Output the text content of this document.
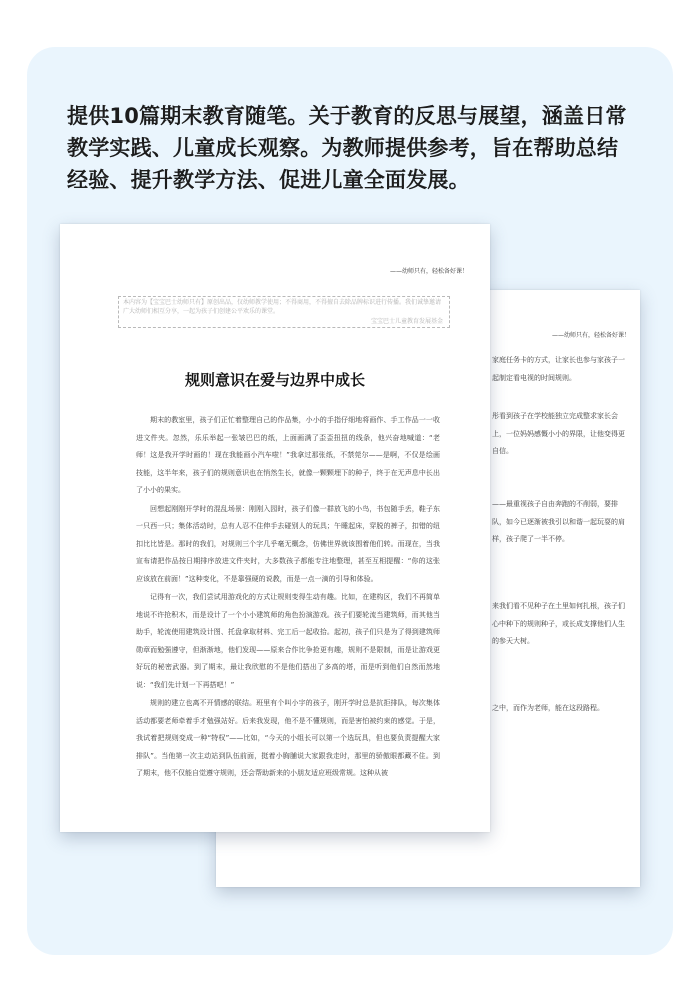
提供10篇期末教育随笔。关于教育的反思与展望，涵盖日常教学实践、儿童成长观察。为教师提供参考，旨在帮助总结经验、提升教学方法、促进儿童全面发展。

——幼师只有，轻松备好课！

家庭任务卡的方式，让家长也参与家孩子一起制定看电视的时间规则。

彤看到孩子在学校能独立完成整求家长会上，一位妈妈感慨小小的界限，让他变得更自信。

——最重视孩子自由奔跑的不削弱，要排队，如今已逐渐被我引以和谐一起玩耍的肩样，孩子爬了一半不停。

来我们看不见种子在土里如何扎根，孩子们心中种下的规则种子，或长成支撑他们人生的参天大树。

之中，而作为老师，能在这段路程。

——幼师只有，轻松备好课！
本内容为【宝宝巴士幼师只有】原创出品，仅幼师教学使用；不得商用，不得擅自去除品牌标识进行传播。我们诚挚邀请广大幼师们相互分享，一起为孩子们创建公平欢乐的课堂。
宝宝巴士儿童教育发展基金
规则意识在爱与边界中成长

期末的教室里，孩子们正忙着整理自己的作品集，小小的手指仔细地将画作、手工作品一一收进文件夹。忽然，乐乐举起一张皱巴巴的纸，上面画满了歪歪扭扭的线条，他兴奋地喊道：“老师！这是我开学时画的！现在我能画小汽车啦！”我拿过那张纸，不禁莞尔——是啊，不仅是绘画技能，这半年来，孩子们的规则意识也在悄然生长，就像一颗颗埋下的种子，终于在无声息中长出了小小的果实。

回想起刚刚开学时的混乱场景：刚刚入园时，孩子们像一群放飞的小鸟，书包随手丢，鞋子东一只西一只；集体活动时，总有人忍不住伸手去碰别人的玩具；午睡起床，穿脱的裤子，扣错的纽扣比比皆是。那时的我们，对规则三个字几乎毫无概念，仿佛世界就该围着他们转。而现在，当我宣布请把作品按日期排序放进文件夹时，大多数孩子都能专注地整理，甚至互相提醒：“你的这张应该放在前面！”这种变化，不是靠强硬的说教，而是一点一滴的引导和体验。

记得有一次，我们尝试用游戏化的方式让规则变得生动有趣。比如，在建构区，我们不再简单地说不许抢积木，而是设计了一个小小建筑师的角色扮演游戏。孩子们要轮流当建筑师，而其他当助手，轮流使用建筑设计图、托盘拿取材料、完工后一起收拾。起初，孩子们只是为了得到建筑师勋章而勉强遵守，但渐渐地，他们发现——原来合作比争抢更有趣，规则不是限制，而是让游戏更好玩的秘密武器。到了期末，最让我欣慰的不是他们搭出了多高的塔，而是听到他们自然而然地说：“我们先计划一下再搭吧！”

规则的建立也离不开情感的联结。班里有个叫小宇的孩子，刚开学时总是抗拒排队，每次集体活动都要老师牵着手才勉强站好。后来我发现，他不是不懂规则，而是害怕被约束的感觉。于是，我试着把规则变成一种“特权”——比如，“今天的小组长可以第一个选玩具，但也要负责提醒大家排队”。当他第一次主动站到队伍前面，挺着小胸脯说大家跟我走时，那里的骄傲眼都藏不住。到了期末，他不仅能自觉遵守规则，还会帮助新来的小朋友适应班级常规。这种从被
